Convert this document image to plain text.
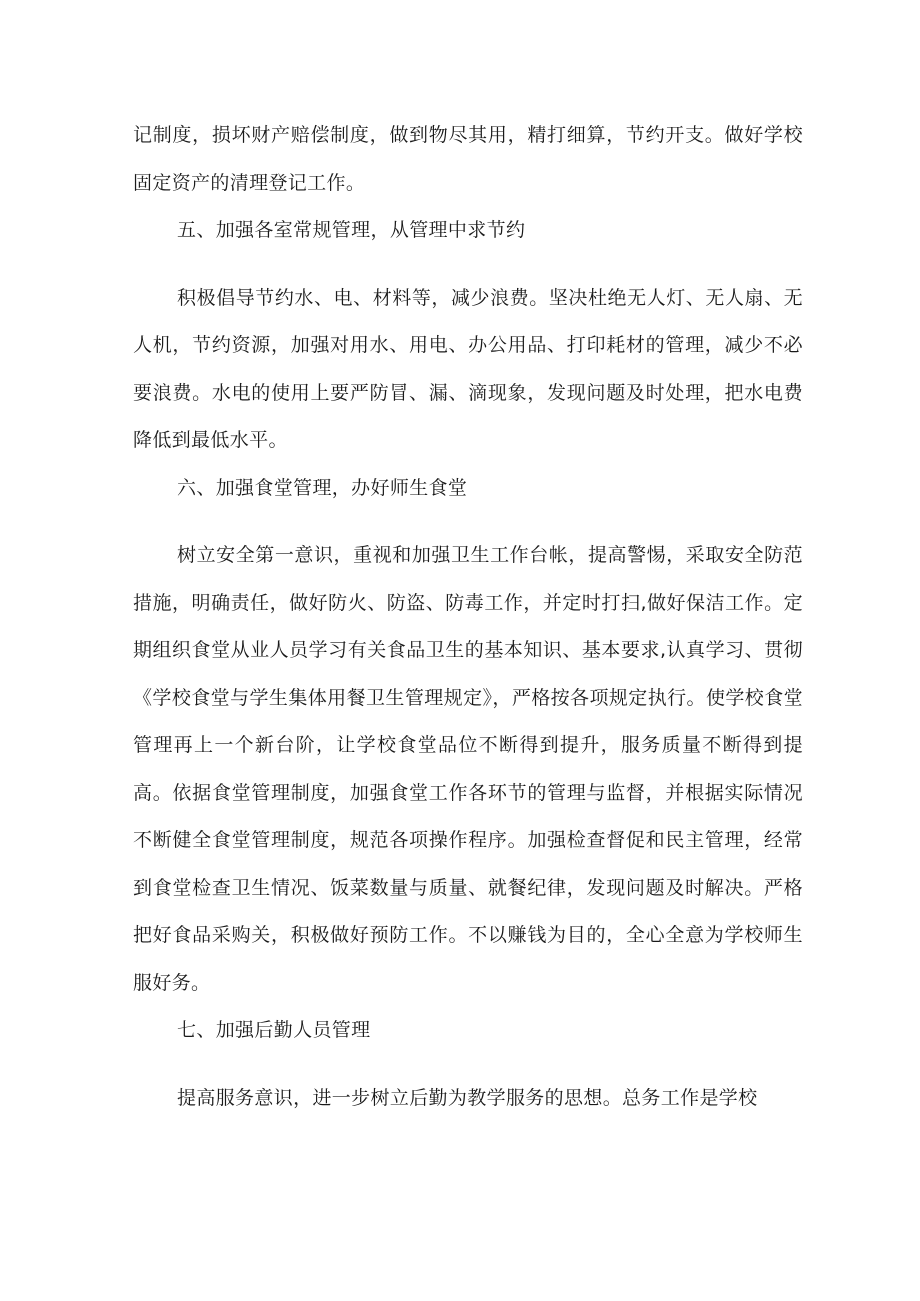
记制度，损坏财产赔偿制度，做到物尽其用，精打细算，节约开支。做好学校固定资产的清理登记工作。

五、加强各室常规管理，从管理中求节约

积极倡导节约水、电、材料等，减少浪费。坚决杜绝无人灯、无人扇、无人机，节约资源，加强对用水、用电、办公用品、打印耗材的管理，减少不必要浪费。水电的使用上要严防冒、漏、滴现象，发现问题及时处理，把水电费降低到最低水平。

六、加强食堂管理，办好师生食堂

树立安全第一意识，重视和加强卫生工作台帐，提高警惕，采取安全防范措施，明确责任，做好防火、防盗、防毒工作，并定时打扫,做好保洁工作。定期组织食堂从业人员学习有关食品卫生的基本知识、基本要求,认真学习、贯彻《学校食堂与学生集体用餐卫生管理规定》，严格按各项规定执行。使学校食堂管理再上一个新台阶，让学校食堂品位不断得到提升，服务质量不断得到提高。依据食堂管理制度，加强食堂工作各环节的管理与监督，并根据实际情况不断健全食堂管理制度，规范各项操作程序。加强检查督促和民主管理，经常到食堂检查卫生情况、饭菜数量与质量、就餐纪律，发现问题及时解决。严格把好食品采购关，积极做好预防工作。不以赚钱为目的，全心全意为学校师生服好务。

七、加强后勤人员管理

提高服务意识，进一步树立后勤为教学服务的思想。总务工作是学校
